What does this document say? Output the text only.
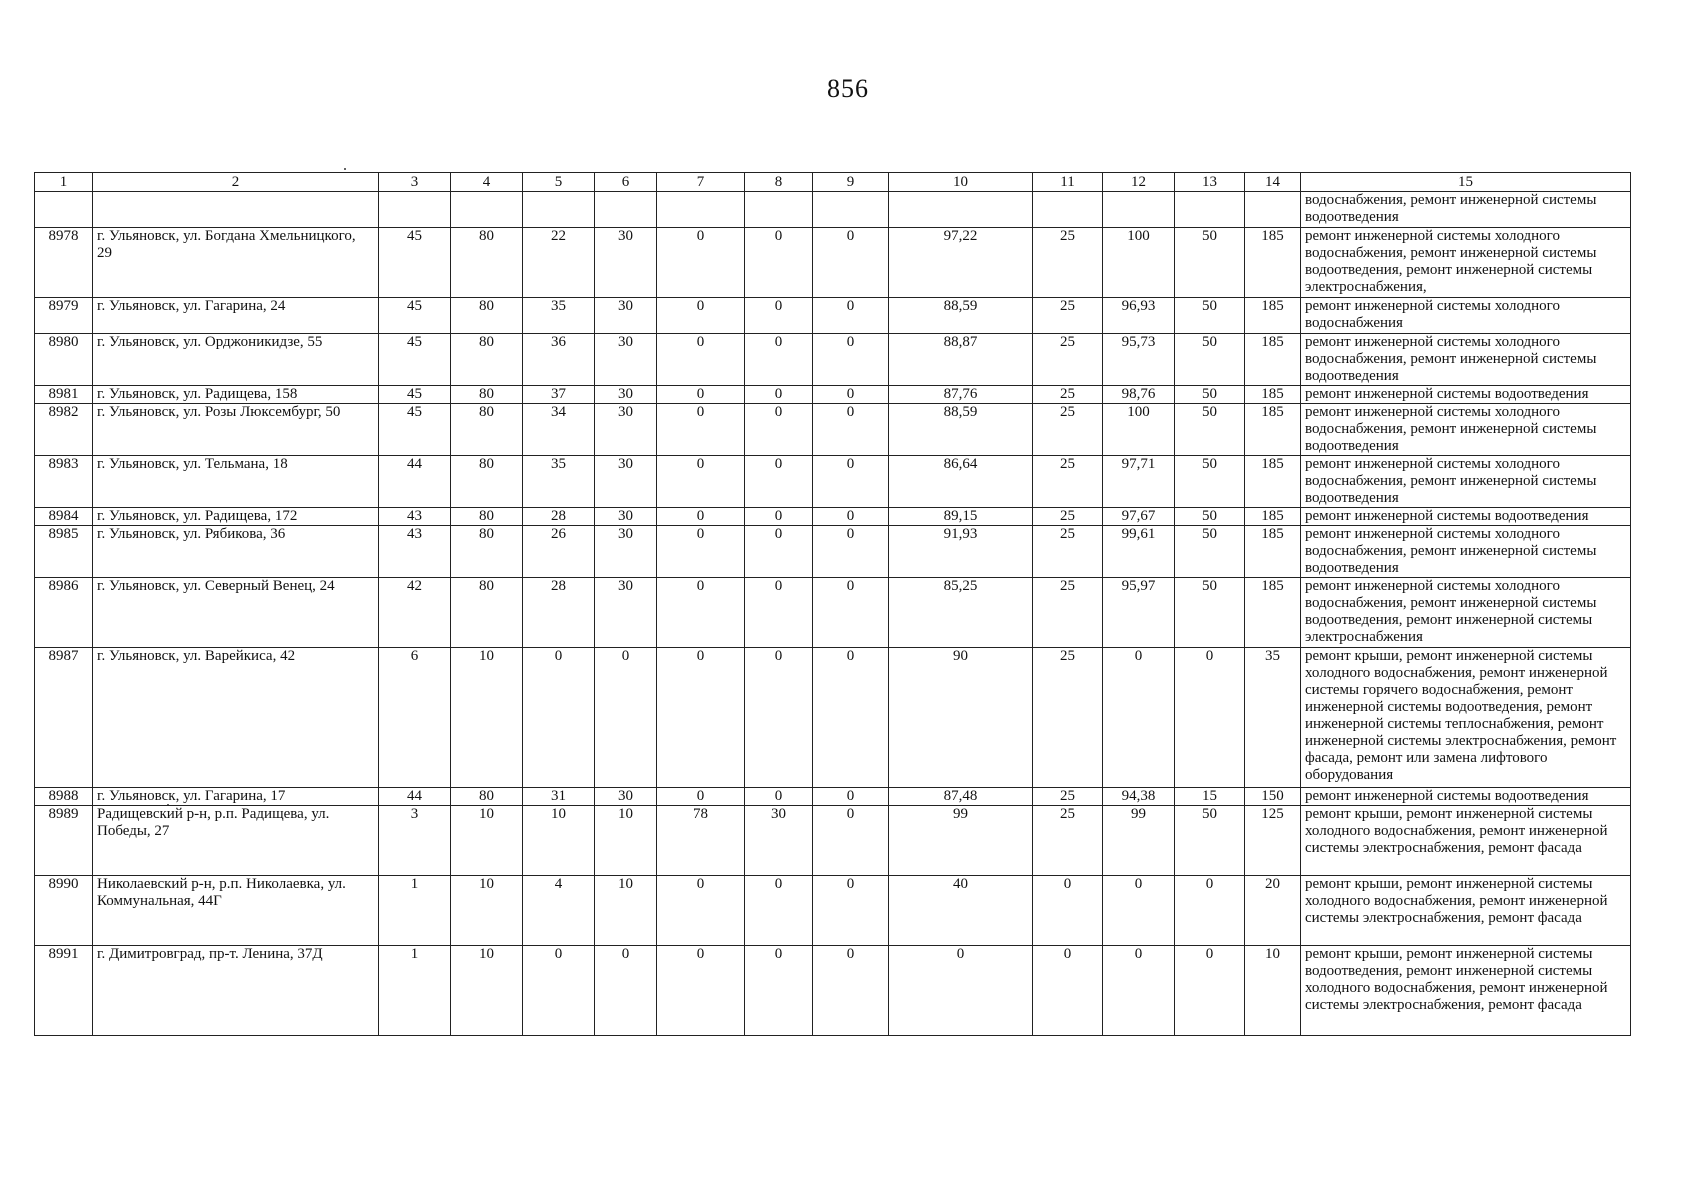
856
1	2	3	4	5	6	7	8	9	10	11	12	13	14	15
														водоснабжения, ремонт инженерной системы водоотведения
8978	г. Ульяновск, ул. Богдана Хмельницкого, 29	45	80	22	30	0	0	0	97,22	25	100	50	185	ремонт инженерной системы холодного водоснабжения, ремонт инженерной системы водоотведения, ремонт инженерной системы электроснабжения,
8979	г. Ульяновск, ул. Гагарина, 24	45	80	35	30	0	0	0	88,59	25	96,93	50	185	ремонт инженерной системы холодного водоснабжения
8980	г. Ульяновск, ул. Орджоникидзе, 55	45	80	36	30	0	0	0	88,87	25	95,73	50	185	ремонт инженерной системы холодного водоснабжения, ремонт инженерной системы водоотведения
8981	г. Ульяновск, ул. Радищева, 158	45	80	37	30	0	0	0	87,76	25	98,76	50	185	ремонт инженерной системы водоотведения
8982	г. Ульяновск, ул. Розы Люксембург, 50	45	80	34	30	0	0	0	88,59	25	100	50	185	ремонт инженерной системы холодного водоснабжения, ремонт инженерной системы водоотведения
8983	г. Ульяновск, ул. Тельмана, 18	44	80	35	30	0	0	0	86,64	25	97,71	50	185	ремонт инженерной системы холодного водоснабжения, ремонт инженерной системы водоотведения
8984	г. Ульяновск, ул. Радищева, 172	43	80	28	30	0	0	0	89,15	25	97,67	50	185	ремонт инженерной системы водоотведения
8985	г. Ульяновск, ул. Рябикова, 36	43	80	26	30	0	0	0	91,93	25	99,61	50	185	ремонт инженерной системы холодного водоснабжения, ремонт инженерной системы водоотведения
8986	г. Ульяновск, ул. Северный Венец, 24	42	80	28	30	0	0	0	85,25	25	95,97	50	185	ремонт инженерной системы холодного водоснабжения, ремонт инженерной системы водоотведения, ремонт инженерной системы электроснабжения
8987	г. Ульяновск, ул. Варейкиса, 42	6	10	0	0	0	0	0	90	25	0	0	35	ремонт крыши, ремонт инженерной системы холодного водоснабжения, ремонт инженерной системы горячего водоснабжения, ремонт инженерной системы водоотведения, ремонт инженерной системы теплоснабжения, ремонт инженерной системы электроснабжения, ремонт фасада, ремонт или замена лифтового оборудования
8988	г. Ульяновск, ул. Гагарина, 17	44	80	31	30	0	0	0	87,48	25	94,38	15	150	ремонт инженерной системы водоотведения
8989	Радищевский р-н, р.п. Радищева, ул. Победы, 27	3	10	10	10	78	30	0	99	25	99	50	125	ремонт крыши, ремонт инженерной системы холодного водоснабжения, ремонт инженерной системы электроснабжения, ремонт фасада
8990	Николаевский р-н, р.п. Николаевка, ул. Коммунальная, 44Г	1	10	4	10	0	0	0	40	0	0	0	20	ремонт крыши, ремонт инженерной системы холодного водоснабжения, ремонт инженерной системы электроснабжения, ремонт фасада
8991	г. Димитровград, пр-т. Ленина, 37Д	1	10	0	0	0	0	0	0	0	0	0	10	ремонт крыши, ремонт инженерной системы водоотведения, ремонт инженерной системы холодного водоснабжения, ремонт инженерной системы электроснабжения, ремонт фасада
